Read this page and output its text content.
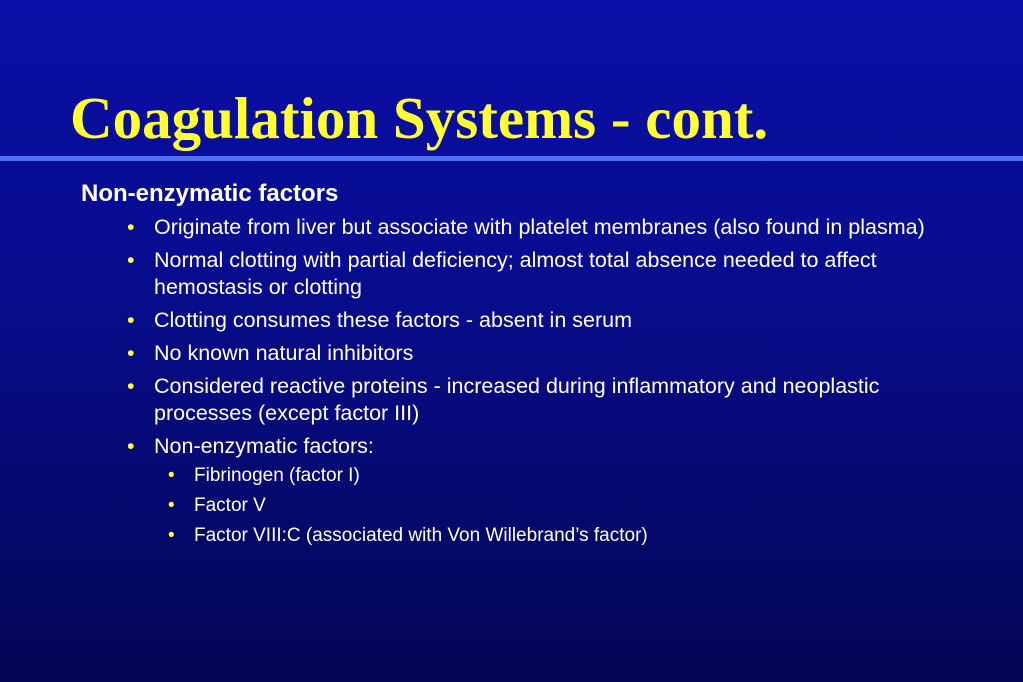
Coagulation Systems - cont.
Non-enzymatic factors
• Originate from liver but associate with platelet membranes (also found in plasma)
• Normal clotting with partial deficiency; almost total absence needed to affect hemostasis or clotting
• Clotting consumes these factors - absent in serum
• No known natural inhibitors
• Considered reactive proteins - increased during inflammatory and neoplastic processes (except factor III)
• Non-enzymatic factors:
• Fibrinogen (factor I)
• Factor V
• Factor VIII:C (associated with Von Willebrand’s factor)
